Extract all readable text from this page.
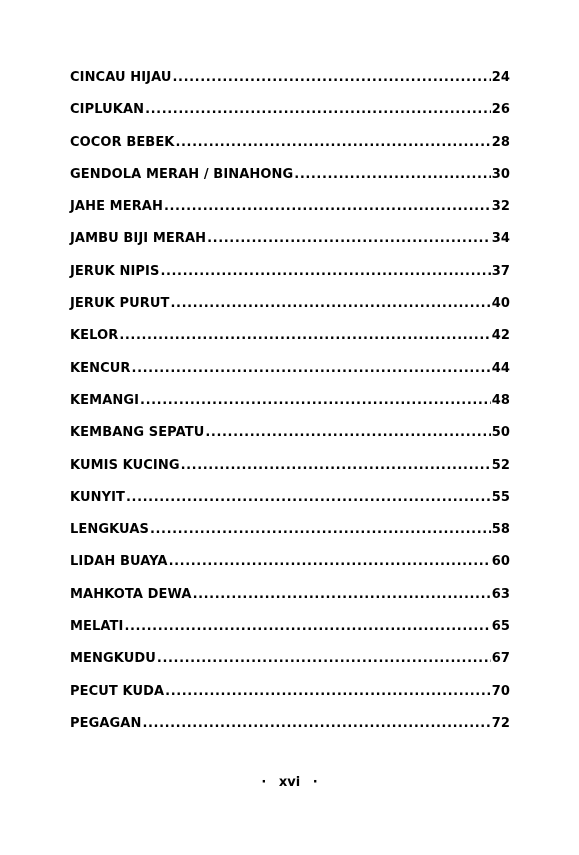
CINCAU HIJAU .....	24
CIPLUKAN .....	26
COCOR BEBEK .....	28
GENDOLA MERAH / BINAHONG .....	30
JAHE MERAH .....	32
JAMBU BIJI MERAH .....	34
JERUK NIPIS .....	37
JERUK PURUT .....	40
KELOR .....	42
KENCUR .....	44
KEMANGI .....	48
KEMBANG SEPATU .....	50
KUMIS KUCING .....	52
KUNYIT .....	55
LENGKUAS .....	58
LIDAH BUAYA .....	60
MAHKOTA DEWA .....	63
MELATI .....	65
MENGKUDU .....	67
PECUT KUDA .....	70
PEGAGAN .....	72
· xvi ·
